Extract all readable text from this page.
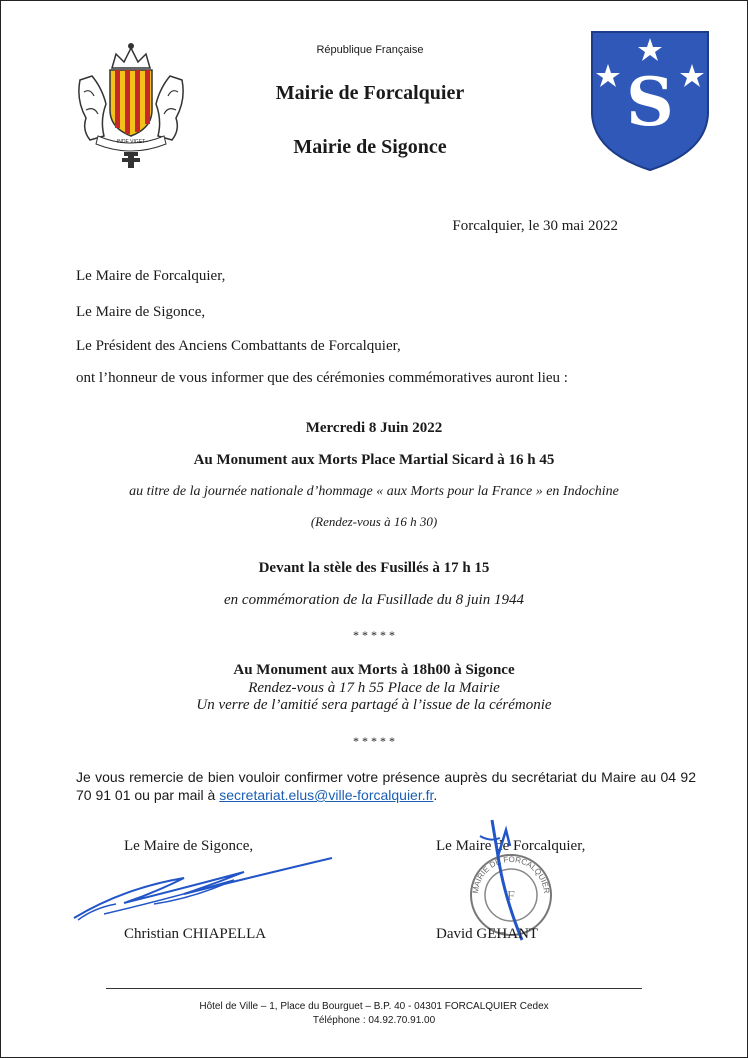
INDE VIGET
République Française
Mairie de Forcalquier
Mairie de Sigonce
S
Forcalquier, le 30 mai 2022
Le Maire de Forcalquier,
Le Maire de Sigonce,
Le Président des Anciens Combattants de Forcalquier,
ont l’honneur de vous informer que des cérémonies commémoratives auront lieu :
Mercredi 8 Juin 2022
Au Monument aux Morts Place Martial Sicard à 16 h 45
au titre de la journée nationale d’hommage « aux Morts pour la France » en Indochine
(Rendez-vous à 16 h 30)
Devant la stèle des Fusillés à 17 h 15
en commémoration de la Fusillade du 8 juin 1944
* * * * *
Au Monument aux Morts à 18h00 à Sigonce
Rendez-vous à 17 h 55 Place de la Mairie
Un verre de l’amitié sera partagé à l’issue de la cérémonie
* * * * *
Je vous remercie de bien vouloir confirmer votre présence auprès du secrétariat du Maire au 04 92 70 91 01 ou par mail à secretariat.elus@ville-forcalquier.fr.
Le Maire de Sigonce,
Christian CHIAPELLA
Le Maire de Forcalquier,
MAIRIE DE FORCALQUIER
F
David GEHANT
Hôtel de Ville – 1, Place du Bourguet – B.P. 40 - 04301 FORCALQUIER Cedex
Téléphone : 04.92.70.91.00
